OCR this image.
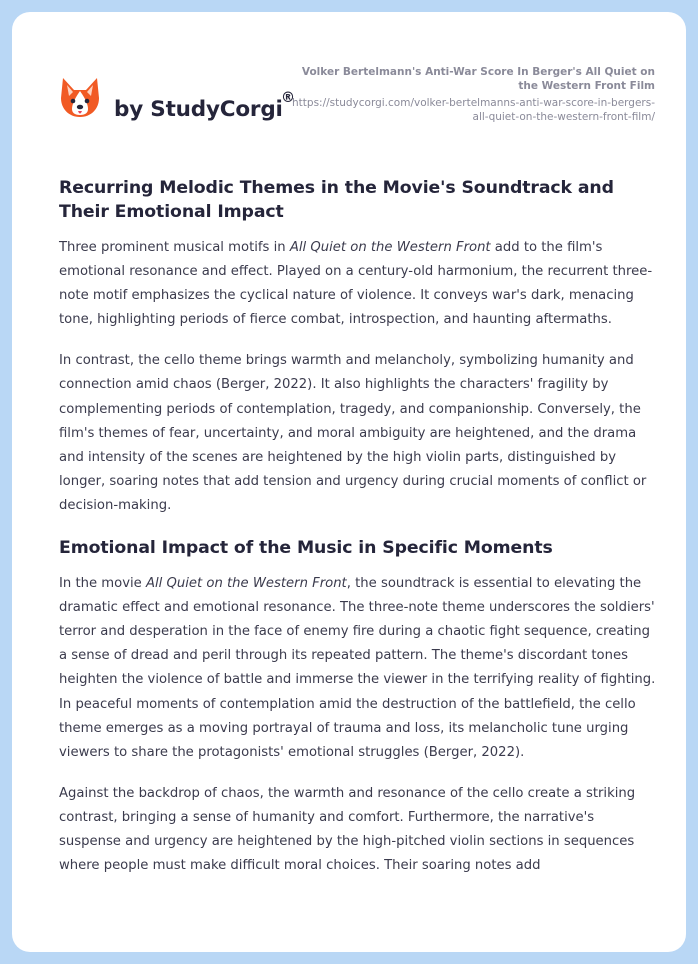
by StudyCorgi
®
Volker Bertelmann's Anti-War Score In Berger's All Quiet on the Western Front Film
https://studycorgi.com/volker-bertelmanns-anti-war-score-in-bergers-all-quiet-on-the-western-front-film/
Recurring Melodic Themes in the Movie's Soundtrack and Their Emotional Impact

Three prominent musical motifs in All Quiet on the Western Front add to the film's emotional resonance and effect. Played on a century-old harmonium, the recurrent three-note motif emphasizes the cyclical nature of violence. It conveys war's dark, menacing tone, highlighting periods of fierce combat, introspection, and haunting aftermaths.

In contrast, the cello theme brings warmth and melancholy, symbolizing humanity and connection amid chaos (Berger, 2022). It also highlights the characters' fragility by complementing periods of contemplation, tragedy, and companionship. Conversely, the film's themes of fear, uncertainty, and moral ambiguity are heightened, and the drama and intensity of the scenes are heightened by the high violin parts, distinguished by longer, soaring notes that add tension and urgency during crucial moments of conflict or decision-making.

Emotional Impact of the Music in Specific Moments

In the movie All Quiet on the Western Front, the soundtrack is essential to elevating the dramatic effect and emotional resonance. The three-note theme underscores the soldiers' terror and desperation in the face of enemy fire during a chaotic fight sequence, creating a sense of dread and peril through its repeated pattern. The theme's discordant tones heighten the violence of battle and immerse the viewer in the terrifying reality of fighting. In peaceful moments of contemplation amid the destruction of the battlefield, the cello theme emerges as a moving portrayal of trauma and loss, its melancholic tune urging viewers to share the protagonists' emotional struggles (Berger, 2022).

Against the backdrop of chaos, the warmth and resonance of the cello create a striking contrast, bringing a sense of humanity and comfort. Furthermore, the narrative's suspense and urgency are heightened by the high-pitched violin sections in sequences where people must make difficult moral choices. Their soaring notes add
